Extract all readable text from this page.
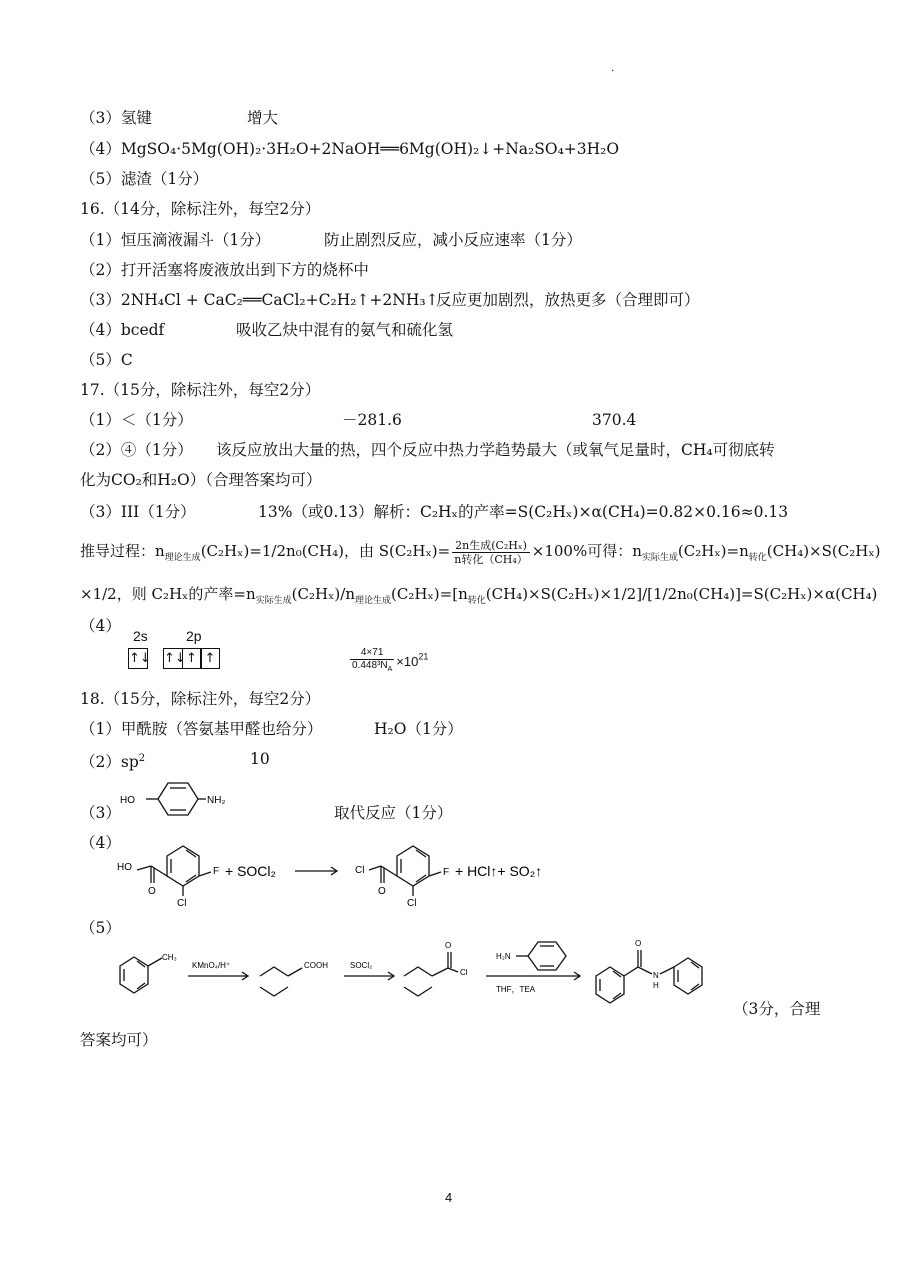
·
（3）氢键	增大
（4）MgSO₄·5Mg(OH)₂·3H₂O+2NaOH══6Mg(OH)₂↓+Na₂SO₄+3H₂O
（5）滤渣（1分）
16.（14分，除标注外，每空2分）
（1）恒压滴液漏斗（1分）	防止剧烈反应，减小反应速率（1分）
（2）打开活塞将废液放出到下方的烧杯中
（3）2NH₄Cl + CaC₂══CaCl₂+C₂H₂↑+2NH₃↑
反应更加剧烈，放热更多（合理即可）
（4）bcedf	吸收乙炔中混有的氨气和硫化氢
（5）C
17.（15分，除标注外，每空2分）
（1）＜（1分）	－281.6	370.4
（2）④（1分）　　该反应放出大量的热，四个反应中热力学趋势最大（或氧气足量时，CH₄可彻底转
化为CO₂和H₂O）（合理答案均可）
（3）III（1分）	13%（或0.13）解析：C₂Hₓ的产率=S(C₂Hₓ)×α(CH₄)=0.82×0.16≈0.13
推导过程：$n_{理论生成}(C_2H_x)=1/2n_0(CH_4)$，由 $S(C_2H_x)= \frac{\text{2n生成(C₂Hₓ)}}{\text{n转化（CH₄）}} \times 100\%$可得：$n_{实际生成}(C_2H_x)=n_{转化}(CH_4)\times S(C_2H_x)$
×1/2，则 C₂Hₓ的产率$=n_{实际生成}(C_2H_x)/n_{理论生成}(C_2H_x)=[n_{转化}(CH_4)\times S(C_2H_x)\times 1/2]/[1/2n_0(CH_4)]=S(C_2H_x)\times\alpha(CH_4)$
（4）
2s	2p
↑↓ ↑↓ ↑ ↑	$\frac{4\times 71}{0.448^3N_A} \times 10^{21}$
18.（15分，除标注外，每空2分）
（1）甲酰胺（答氨基甲醛也给分）	H₂O（1分）
$(2)sp^2$	10
（3）	取代反应（1分）
HO	NH₂
（4）
HO
O
F
Cl
+ SOCl₂	Cl
O
F
Cl
+ HCl↑+ SO₂↑
（5）
CH₃
KMnO₄/H⁺	COOH	SOCl₂
O
Cl
H₂N
THF，TEA
O
N
H
（3分，合理
答案均可）
4
